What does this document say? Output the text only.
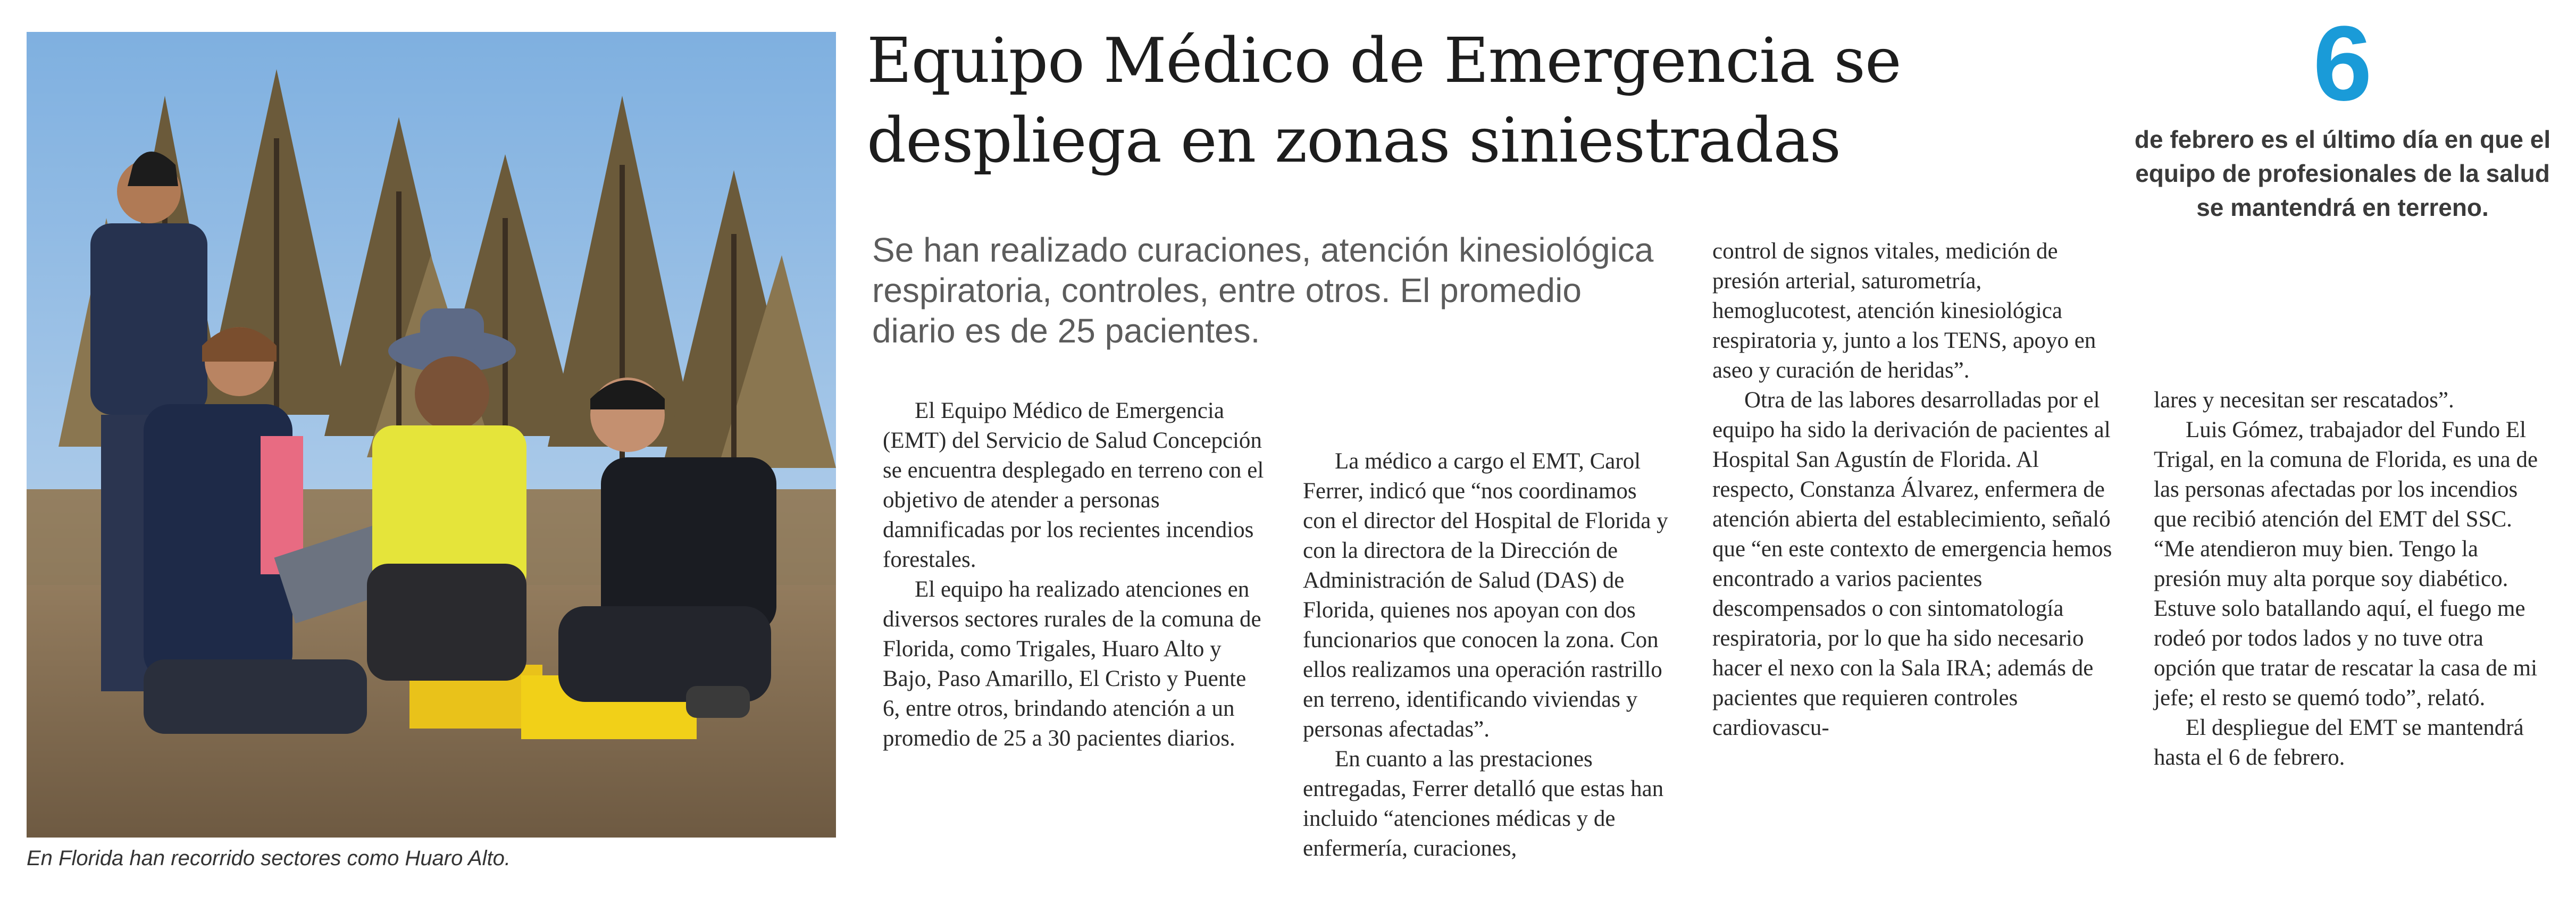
En Florida han recorrido sectores como Huaro Alto.
Equipo Médico de Emergencia se despliega en zonas siniestradas
6

de febrero es el último día en que el equipo de profesionales de la salud se mantendrá en terreno.

Se han realizado curaciones, atención kinesiológica respiratoria, controles, entre otros. El promedio diario es de 25 pacientes.

El Equipo Médico de Emergencia (EMT) del Servicio de Salud Concepción se encuentra desplegado en terreno con el objetivo de atender a personas damnificadas por los recientes incendios forestales.

El equipo ha realizado atenciones en diversos sectores rurales de la comuna de Florida, como Trigales, Huaro Alto y Bajo, Paso Amarillo, El Cristo y Puente 6, entre otros, brindando atención a un promedio de 25 a 30 pacientes diarios.

La médico a cargo el EMT, Carol Ferrer, indicó que “nos coordinamos con el director del Hospital de Florida y con la directora de la Dirección de Administración de Salud (DAS) de Florida, quienes nos apoyan con dos funcionarios que conocen la zona. Con ellos realizamos una operación rastrillo en terreno, identificando viviendas y personas afectadas”.

En cuanto a las prestaciones entregadas, Ferrer detalló que estas han incluido “atenciones médicas y de enfermería, curaciones,

control de signos vitales, medición de presión arterial, saturometría, hemoglucotest, atención kinesiológica respiratoria y, junto a los TENS, apoyo en aseo y curación de heridas”.

Otra de las labores desarrolladas por el equipo ha sido la derivación de pacientes al Hospital San Agustín de Florida. Al respecto, Constanza Álvarez, enfermera de atención abierta del establecimiento, señaló que “en este contexto de emergencia hemos encontrado a varios pacientes descompensados o con sintomatología respiratoria, por lo que ha sido necesario hacer el nexo con la Sala IRA; además de pacientes que requieren controles cardiovascu-

lares y necesitan ser rescatados”.

Luis Gómez, trabajador del Fundo El Trigal, en la comuna de Florida, es una de las personas afectadas por los incendios que recibió atención del EMT del SSC. “Me atendieron muy bien. Tengo la presión muy alta porque soy diabético. Estuve solo batallando aquí, el fuego me rodeó por todos lados y no tuve otra opción que tratar de rescatar la casa de mi jefe; el resto se quemó todo”, relató.

El despliegue del EMT se mantendrá hasta el 6 de febrero.
